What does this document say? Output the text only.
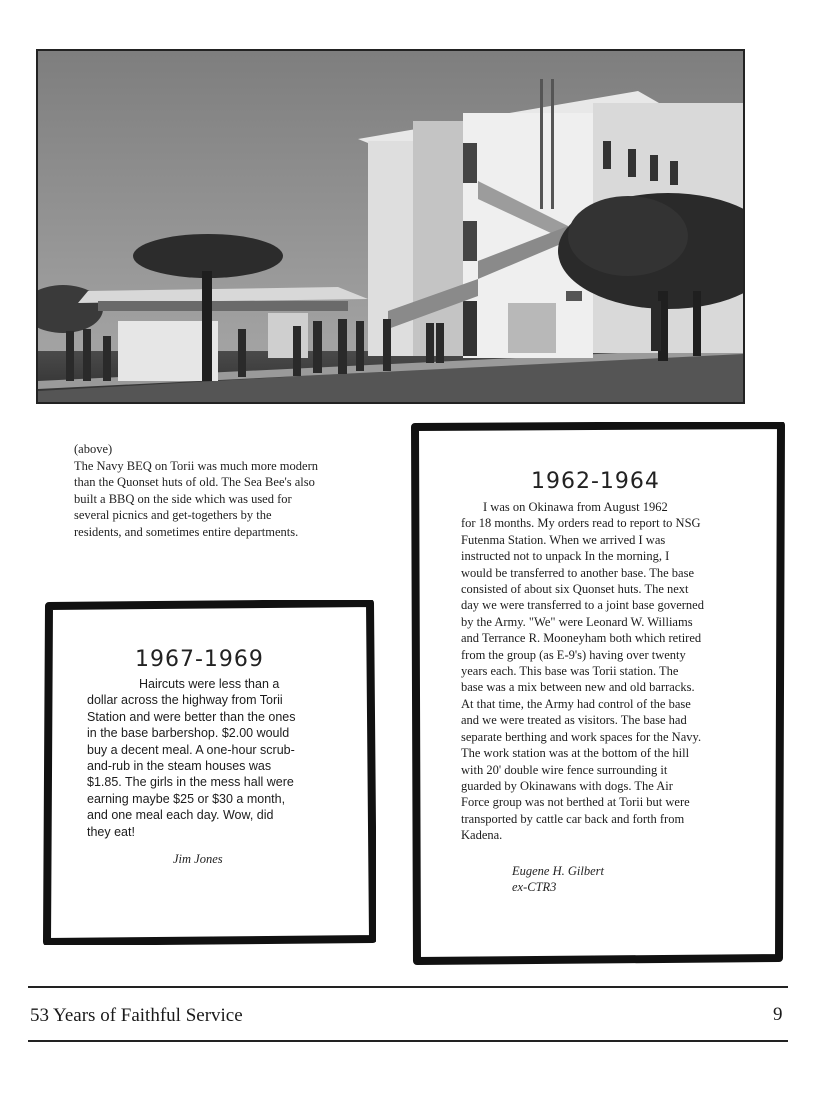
(above)
The Navy BEQ on Torii was much more modern
than the Quonset huts of old. The Sea Bee's also
built a BBQ on the side which was used for
several picnics and get-togethers by the
residents, and sometimes entire departments.
1967-1969
Haircuts were less than a
dollar across the highway from Torii
Station and were better than the ones
in the base barbershop. $2.00 would
buy a decent meal. A one-hour scrub-
and-rub in the steam houses was
$1.85. The girls in the mess hall were
earning maybe $25 or $30 a month,
and one meal each day. Wow, did
they eat!
Jim Jones
1962-1964
I was on Okinawa from August 1962
for 18 months. My orders read to report to NSG
Futenma Station. When we arrived I was
instructed not to unpack In the morning, I
would be transferred to another base. The base
consisted of about six Quonset huts. The next
day we were transferred to a joint base governed
by the Army. "We" were Leonard W. Williams
and Terrance R. Mooneyham both which retired
from the group (as E-9's) having over twenty
years each. This base was Torii station. The
base was a mix between new and old barracks.
At that time, the Army had control of the base
and we were treated as visitors. The base had
separate berthing and work spaces for the Navy.
The work station was at the bottom of the hill
with 20' double wire fence surrounding it
guarded by Okinawans with dogs. The Air
Force group was not berthed at Torii but were
transported by cattle car back and forth from
Kadena.
Eugene H. Gilbert
ex-CTR3
53 Years of Faithful Service	9
